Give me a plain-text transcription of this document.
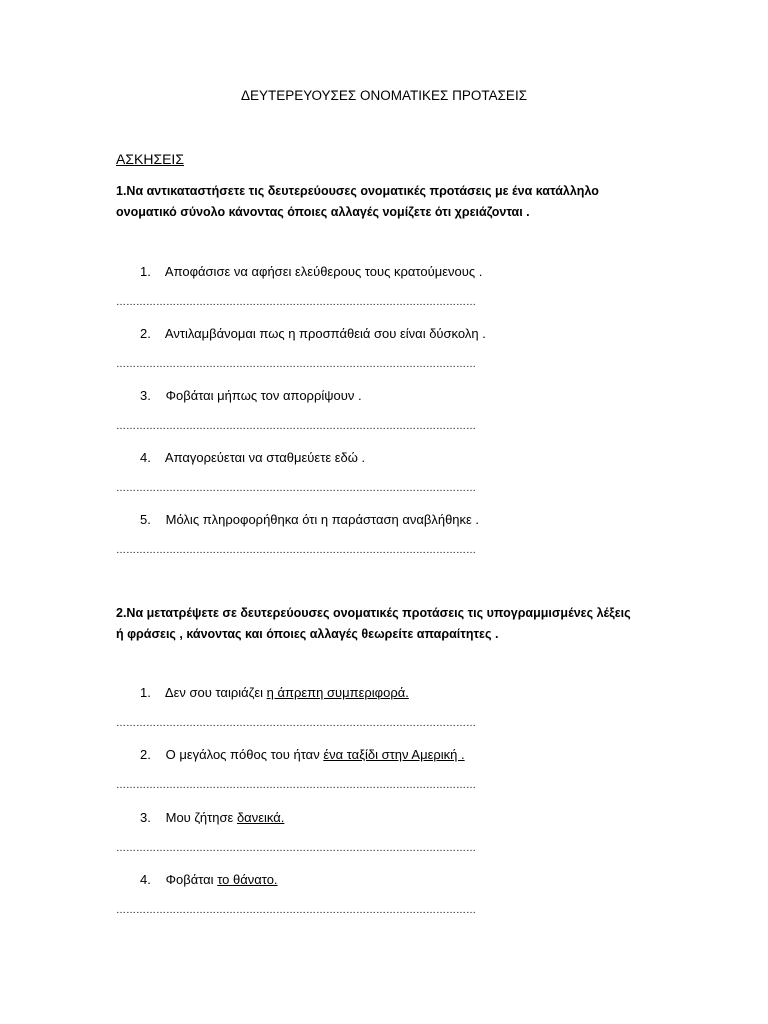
ΔΕΥΤΕΡΕΥΟΥΣΕΣ ΟΝΟΜΑΤΙΚΕΣ ΠΡΟΤΑΣΕΙΣ
ΑΣΚΗΣΕΙΣ
1.Να αντικαταστήσετε τις δευτερεύουσες ονοματικές προτάσεις με ένα κατάλληλο
ονοματικό σύνολο κάνοντας όποιες αλλαγές νομίζετε ότι χρειάζονται .
1. Αποφάσισε να αφήσει ελεύθερους τους κρατούμενους .
………………………………………………………………………………………………
2. Αντιλαμβάνομαι πως η προσπάθειά σου είναι δύσκολη .
………………………………………………………………………………………………
3. Φοβάται μήπως τον απορρίψουν .
………………………………………………………………………………………………
4. Απαγορεύεται να σταθμεύετε εδώ .
………………………………………………………………………………………………
5. Μόλις πληροφορήθηκα ότι η παράσταση αναβλήθηκε .
………………………………………………………………………………………………
2.Να μετατρέψετε σε δευτερεύουσες ονοματικές προτάσεις τις υπογραμμισμένες λέξεις
ή φράσεις , κάνοντας και όποιες αλλαγές θεωρείτε απαραίτητες .
1. Δεν σου ταιριάζει η άπρεπη συμπεριφορά.
………………………………………………………………………………………………
2. Ο μεγάλος πόθος του ήταν ένα ταξίδι στην Αμερική .
………………………………………………………………………………………………
3. Μου ζήτησε δανεικά.
………………………………………………………………………………………………
4. Φοβάται το θάνατο.
………………………………………………………………………………………………
